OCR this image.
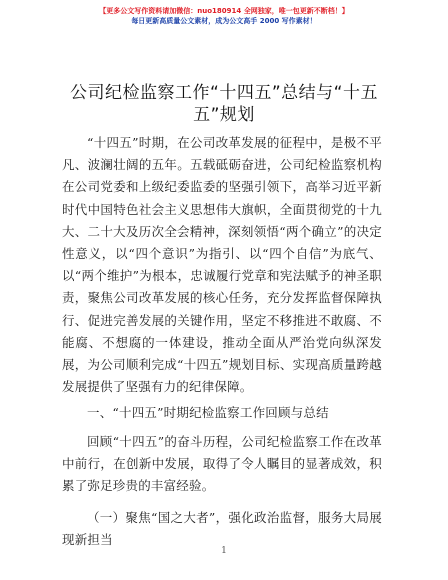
【更多公文写作资料请加微信：nuo180914 全网独家，唯一包更新不断档！】
每日更新高质量公文素材，成为公文高手 2000 写作素材！
公司纪检监察工作“十四五”总结与“十五五”规划

“十四五”时期，在公司改革发展的征程中，是极不平凡、波澜壮阔的五年。五载砥砺奋进，公司纪检监察机构在公司党委和上级纪委监委的坚强引领下，高举习近平新时代中国特色社会主义思想伟大旗帜，全面贯彻党的十九大、二十大及历次全会精神，深刻领悟“两个确立”的决定性意义，以“四个意识”为指引、以“四个自信”为底气、以“两个维护”为根本，忠诚履行党章和宪法赋予的神圣职责，聚焦公司改革发展的核心任务，充分发挥监督保障执行、促进完善发展的关键作用，坚定不移推进不敢腐、不能腐、不想腐的一体建设，推动全面从严治党向纵深发展，为公司顺利完成“十四五”规划目标、实现高质量跨越发展提供了坚强有力的纪律保障。

一、“十四五”时期纪检监察工作回顾与总结

回顾“十四五”的奋斗历程，公司纪检监察工作在改革中前行，在创新中发展，取得了令人瞩目的显著成效，积累了弥足珍贵的丰富经验。

（一）聚焦“国之大者”，强化政治监督，服务大局展现新担当

1
